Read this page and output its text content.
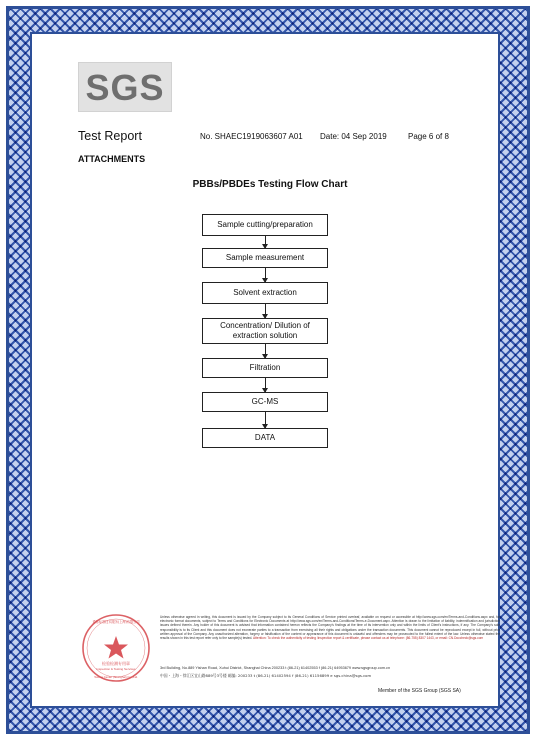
SGS
Test Report	No. SHAEC1919063607 A01 Date: 04 Sep 2019	Page 6 of 8
ATTACHMENTS
PBBs/PBDEs Testing Flow Chart
Sample cutting/preparation
Sample measurement
Solvent extraction
Concentration/ Dilution of extraction solution
Filtration
GC-MS
DATA
检验检测专用章
Inspection & Testing Services
通标标准技术服务(上海)有限公司
Testing Center (Shanghai) Co., Ltd.
Unless otherwise agreed in writing, this document is issued by the Company subject to its General Conditions of Service printed overleaf, available on request or accessible at http://www.sgs.com/en/Terms-and-Conditions.aspx and, for electronic format documents, subject to Terms and Conditions for Electronic Documents at http://www.sgs.com/en/Terms-and-Conditions/Terms-e-Document.aspx. Attention is drawn to the limitation of liability, indemnification and jurisdiction issues defined therein. Any holder of this document is advised that information contained hereon reflects the Company's findings at the time of its intervention only and within the limits of Client's instructions, if any. The Company's sole responsibility is to its Client and this document does not exonerate parties to a transaction from exercising all their rights and obligations under the transaction documents. This document cannot be reproduced except in full, without prior written approval of the Company. Any unauthorized alteration, forgery or falsification of the content or appearance of this document is unlawful and offenders may be prosecuted to the fullest extent of the law. Unless otherwise stated the results shown in this test report refer only to the sample(s) tested. Attention: To check the authenticity of testing /inspection report & certificate, please contact us at telephone: (86-755) 8307 1443, or email: CN.Doccheck@sgs.com
3rd Building, No.889 Yishan Road, Xuhui District, Shanghai China 200233 t (86-21) 61402553 f (86-21) 64953679 www.sgsgroup.com.cn
中国・上海・徐汇区宜山路889号3号楼 邮编: 200233 t (86-21) 61402594 f (86-21) 61156899 e sgs.china@sgs.com
Member of the SGS Group (SGS SA)
